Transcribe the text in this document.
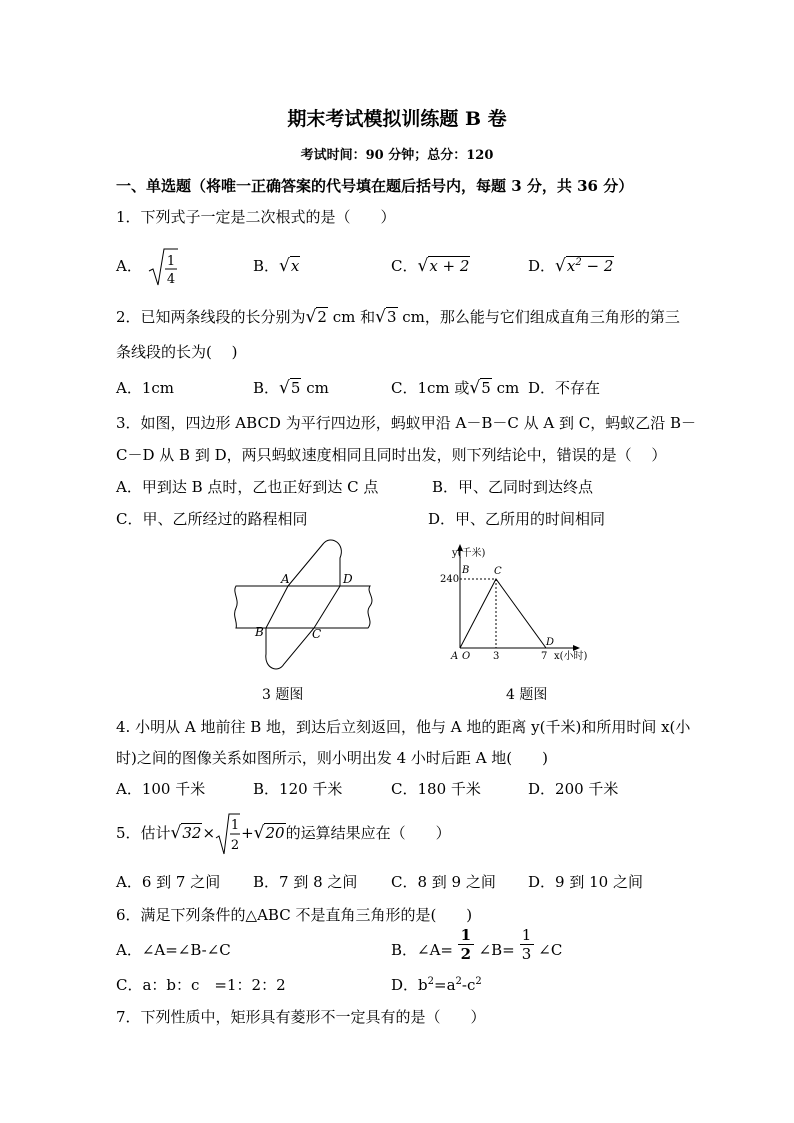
期末考试模拟训练题 B 卷
考试时间：90 分钟；总分：120
一、单选题（将唯一正确答案的代号填在题后括号内，每题 3 分，共 36 分）
1．下列式子一定是二次根式的是（　　）
A． 1
4
B．√x	C．√x + 2	D．$√x^2 - 2$
2．已知两条线段的长分别为√2 cm 和√3 cm，那么能与它们组成直角三角形的第三
条线段的长为(　 )
A．1cm	B．√5 cm	C．1cm 或√5 cm D．不存在
3．如图，四边形 ABCD 为平行四边形，蚂蚁甲沿 A－B－C 从 A 到 C，蚂蚁乙沿 B－
C－D 从 B 到 D，两只蚂蚁速度相同且同时出发，则下列结论中，错误的是（　 ）
A．甲到达 B 点时，乙也正好到达 C 点	B．甲、乙同时到达终点
C．甲、乙所经过的路程相同	D．甲、乙所用的时间相同
A	D
B	C
3 题图
y(千米)
x(小时)
240
3	7
A O
B C
D
4 题图
4. 小明从 A 地前往 B 地，到达后立刻返回，他与 A 地的距离 y(千米)和所用时间 x(小
时)之间的图像关系如图所示，则小明出发 4 小时后距 A 地(　　)
A．100 千米	B．120 千米	C．180 千米	D．200 千米
5．估计√32× 1
2
+√20的运算结果应在（　　）
A．6 到 7 之间 B．7 到 8 之间 C．8 到 9 之间 D．9 到 10 之间
6．满足下列条件的△ABC 不是直角三角形的是(　　)
A．∠A=∠B-∠C	B．∠A= $\frac{1}{2}$ ∠B= $\frac{1}{3}$ ∠C
C．a：b：c　=1：2：2	D．$b^2=a^2-c^2$
7．下列性质中，矩形具有菱形不一定具有的是（　　）
